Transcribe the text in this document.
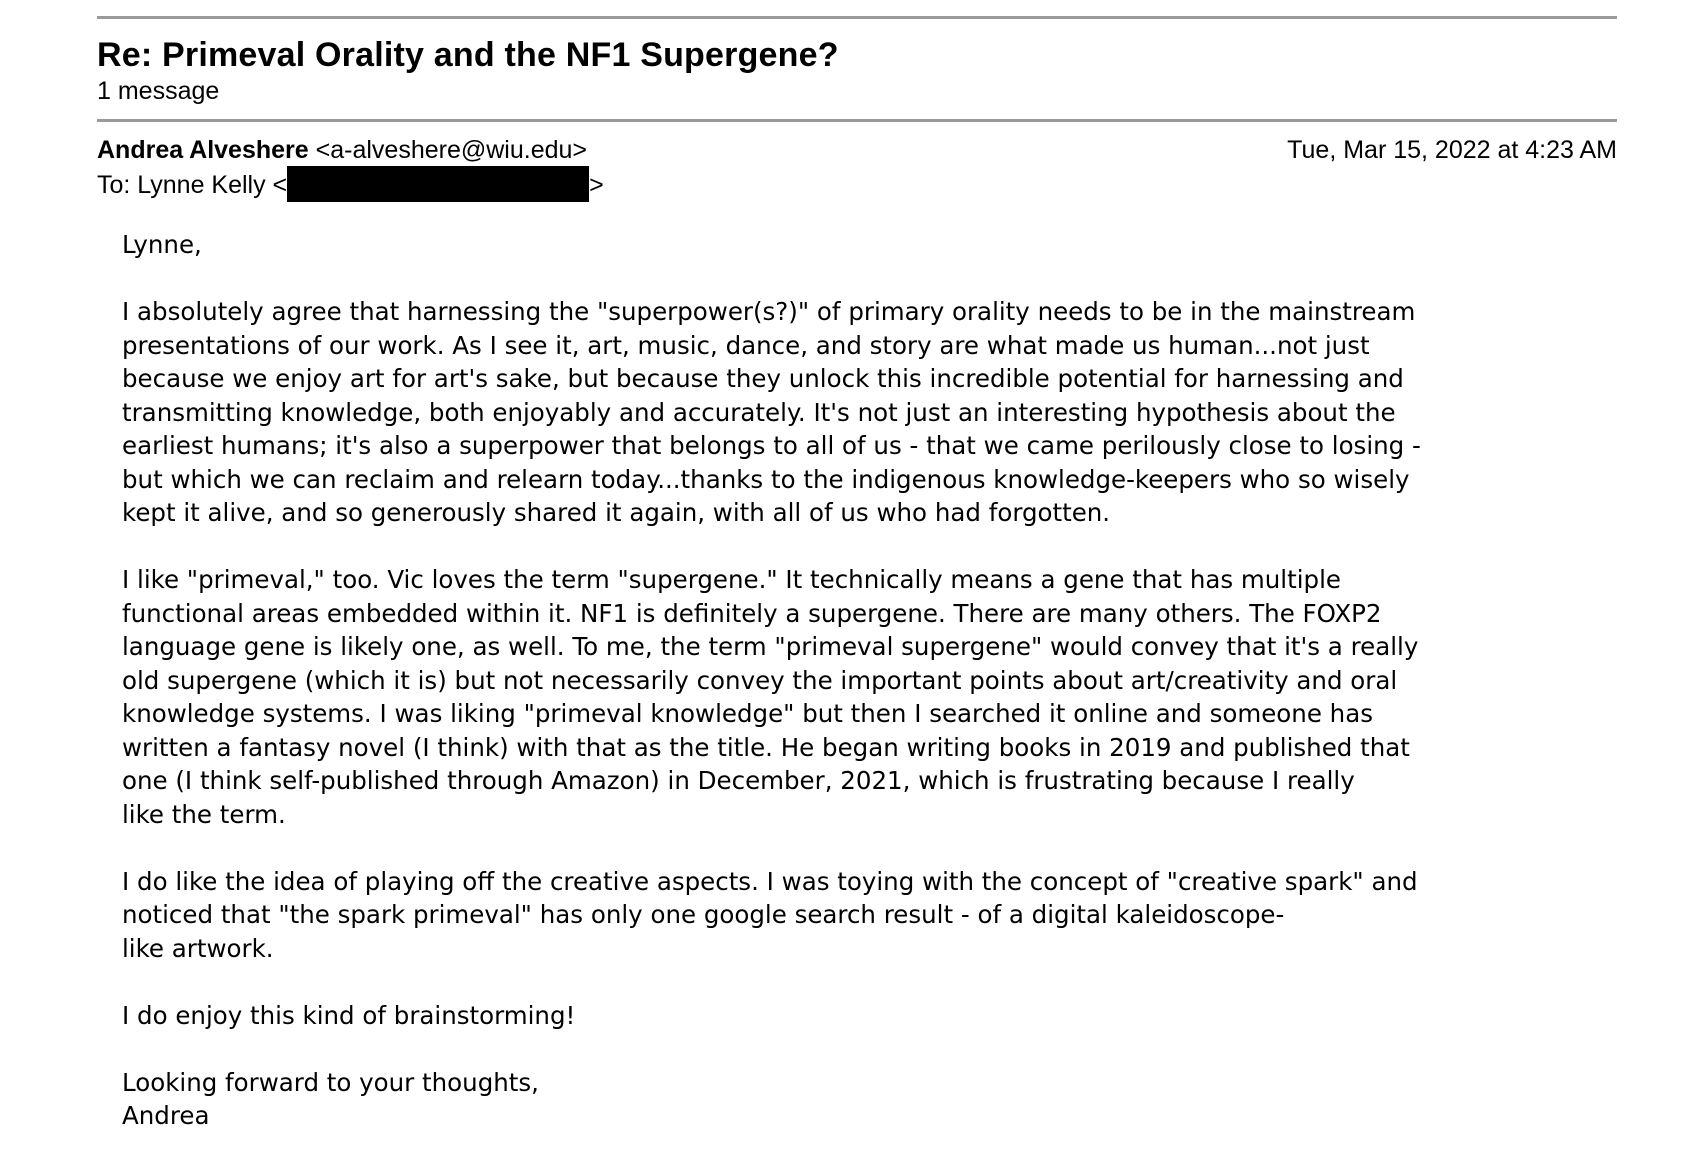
Re: Primeval Orality and the NF1 Supergene?
1 message
Andrea Alveshere <a-alveshere@wiu.edu>	Tue, Mar 15, 2022 at 4:23 AM
To: Lynne Kelly <	>

Lynne,

I absolutely agree that harnessing the "superpower(s?)" of primary orality needs to be in the mainstream
presentations of our work. As I see it, art, music, dance, and story are what made us human...not just
because we enjoy art for art's sake, but because they unlock this incredible potential for harnessing and
transmitting knowledge, both enjoyably and accurately. It's not just an interesting hypothesis about the
earliest humans; it's also a superpower that belongs to all of us - that we came perilously close to losing -
but which we can reclaim and relearn today...thanks to the indigenous knowledge-keepers who so wisely
kept it alive, and so generously shared it again, with all of us who had forgotten.

I like "primeval," too. Vic loves the term "supergene." It technically means a gene that has multiple
functional areas embedded within it. NF1 is definitely a supergene. There are many others. The FOXP2
language gene is likely one, as well. To me, the term "primeval supergene" would convey that it's a really
old supergene (which it is) but not necessarily convey the important points about art/creativity and oral
knowledge systems. I was liking "primeval knowledge" but then I searched it online and someone has
written a fantasy novel (I think) with that as the title. He began writing books in 2019 and published that
one (I think self-published through Amazon) in December, 2021, which is frustrating because I really
like the term.

I do like the idea of playing off the creative aspects. I was toying with the concept of "creative spark" and
noticed that "the spark primeval" has only one google search result - of a digital kaleidoscope-
like artwork.

I do enjoy this kind of brainstorming!

Looking forward to your thoughts,
Andrea
